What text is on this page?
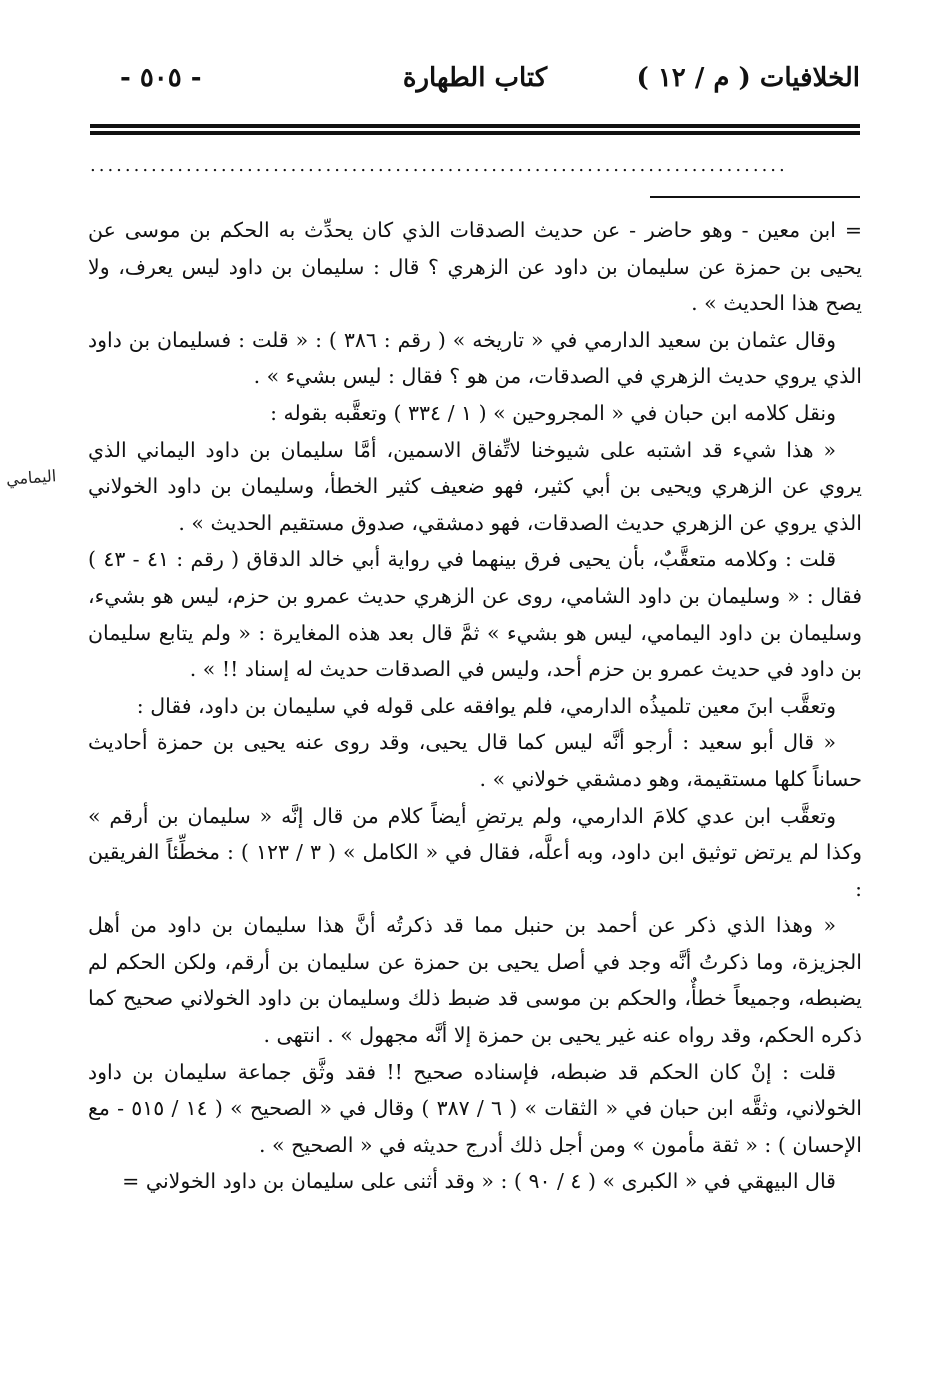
الخلافيات ( م / ١٢ )
كتاب الطهارة
- ٥٠٥ -
................................................................................
اليمامي

= ابن معين - وهو حاضر - عن حديث الصدقات الذي كان يحدِّث به الحكم بن موسى عن يحيى بن حمزة عن سليمان بن داود عن الزهري ؟ قال : سليمان بن داود ليس يعرف، ولا يصح هذا الحديث » .

وقال عثمان بن سعيد الدارمي في « تاريخه » ( رقم : ٣٨٦ ) : « قلت : فسليمان بن داود الذي يروي حديث الزهري في الصدقات، من هو ؟ فقال : ليس بشيء » .

ونقل كلامه ابن حبان في « المجروحين » ( ١ / ٣٣٤ ) وتعقَّبه بقوله :

« هذا شيء قد اشتبه على شيوخنا لاتِّفاق الاسمين، أمَّا سليمان بن داود اليماني الذي يروي عن الزهري ويحيى بن أبي كثير، فهو ضعيف كثير الخطأ، وسليمان بن داود الخولاني الذي يروي عن الزهري حديث الصدقات، فهو دمشقي، صدوق مستقيم الحديث » .

قلت : وكلامه متعقَّبٌ، بأن يحيى فرق بينهما في رواية أبي خالد الدقاق ( رقم : ٤١ - ٤٣ ) فقال : « وسليمان بن داود الشامي، روى عن الزهري حديث عمرو بن حزم، ليس هو بشيء، وسليمان بن داود اليمامي، ليس هو بشيء » ثمَّ قال بعد هذه المغايرة : « ولم يتابع سليمان بن داود في حديث عمرو بن حزم أحد، وليس في الصدقات حديث له إسناد !! » .

وتعقَّب ابنَ معين تلميذُه الدارمي، فلم يوافقه على قوله في سليمان بن داود، فقال :

« قال أبو سعيد : أرجو أنَّه ليس كما قال يحيى، وقد روى عنه يحيى بن حمزة أحاديث حساناً كلها مستقيمة، وهو دمشقي خولاني » .

وتعقَّب ابن عدي كلامَ الدارمي، ولم يرتضِ أيضاً كلام من قال إنَّه « سليمان بن أرقم » وكذا لم يرتض توثيق ابن داود، وبه أعلَّه، فقال في « الكامل » ( ٣ / ١٢٣ ) : مخطِّئاً الفريقين :

« وهذا الذي ذكر عن أحمد بن حنبل مما قد ذكرتُه أنَّ هذا سليمان بن داود من أهل الجزيزة، وما ذكرتُ أنَّه وجد في أصل يحيى بن حمزة عن سليمان بن أرقم، ولكن الحكم لم يضبطه، وجميعاً خطأٌ، والحكم بن موسى قد ضبط ذلك وسليمان بن داود الخولاني صحيح كما ذكره الحكم، وقد رواه عنه غير يحيى بن حمزة إلا أنَّه مجهول » . انتهى .

قلت : إنْ كان الحكم قد ضبطه، فإسناده صحيح !! فقد وثَّق جماعة سليمان بن داود الخولاني، وثقَّه ابن حبان في « الثقات » ( ٦ / ٣٨٧ ) وقال في « الصحيح » ( ١٤ / ٥١٥ - مع الإحسان ) : « ثقة مأمون » ومن أجل ذلك أدرج حديثه في « الصحيح » .

قال البيهقي في « الكبرى » ( ٤ / ٩٠ ) : « وقد أثنى على سليمان بن داود الخولاني =
